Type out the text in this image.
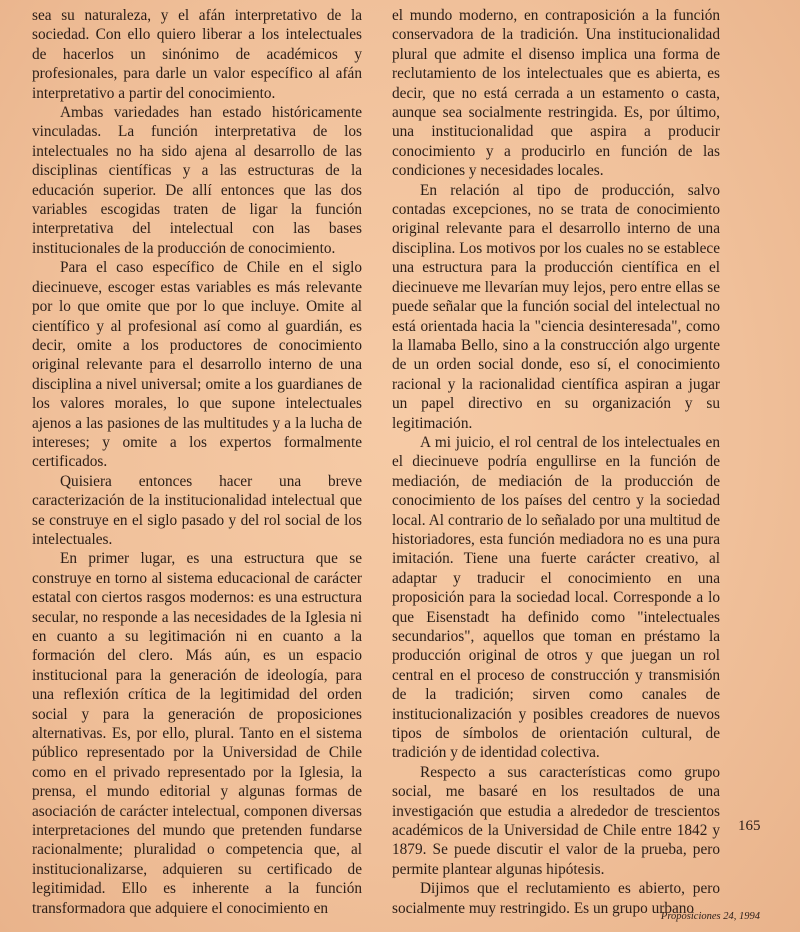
sea su naturaleza, y el afán interpretativo de la sociedad. Con ello quiero liberar a los intelectuales de hacerlos un sinónimo de académicos y profesionales, para darle un valor específico al afán interpretativo a partir del conocimiento.

Ambas variedades han estado históricamente vinculadas. La función interpretativa de los intelectuales no ha sido ajena al desarrollo de las disciplinas científicas y a las estructuras de la educación superior. De allí entonces que las dos variables escogidas traten de ligar la función interpretativa del intelectual con las bases institucionales de la producción de conocimiento.

Para el caso específico de Chile en el siglo diecinueve, escoger estas variables es más relevante por lo que omite que por lo que incluye. Omite al científico y al profesional así como al guardián, es decir, omite a los productores de conocimiento original relevante para el desarrollo interno de una disciplina a nivel universal; omite a los guardianes de los valores morales, lo que supone intelectuales ajenos a las pasiones de las multitudes y a la lucha de intereses; y omite a los expertos formalmente certificados.

Quisiera entonces hacer una breve caracterización de la institucionalidad intelectual que se construye en el siglo pasado y del rol social de los intelectuales.

En primer lugar, es una estructura que se construye en torno al sistema educacional de carácter estatal con ciertos rasgos modernos: es una estructura secular, no responde a las necesidades de la Iglesia ni en cuanto a su legitimación ni en cuanto a la formación del clero. Más aún, es un espacio institucional para la generación de ideología, para una reflexión crítica de la legitimidad del orden social y para la generación de proposiciones alternativas. Es, por ello, plural. Tanto en el sistema público representado por la Universidad de Chile como en el privado representado por la Iglesia, la prensa, el mundo editorial y algunas formas de asociación de carácter intelectual, componen diversas interpretaciones del mundo que pretenden fundarse racionalmente; pluralidad o competencia que, al institucionalizarse, adquieren su certificado de legitimidad. Ello es inherente a la función transformadora que adquiere el conocimiento en

el mundo moderno, en contraposición a la función conservadora de la tradición. Una institucionalidad plural que admite el disenso implica una forma de reclutamiento de los intelectuales que es abierta, es decir, que no está cerrada a un estamento o casta, aunque sea socialmente restringida. Es, por último, una institucionalidad que aspira a producir conocimiento y a producirlo en función de las condiciones y necesidades locales.

En relación al tipo de producción, salvo contadas excepciones, no se trata de conocimiento original relevante para el desarrollo interno de una disciplina. Los motivos por los cuales no se establece una estructura para la producción científica en el diecinueve me llevarían muy lejos, pero entre ellas se puede señalar que la función social del intelectual no está orientada hacia la "ciencia desinteresada", como la llamaba Bello, sino a la construcción algo urgente de un orden social donde, eso sí, el conocimiento racional y la racionalidad científica aspiran a jugar un papel directivo en su organización y su legitimación.

A mi juicio, el rol central de los intelectuales en el diecinueve podría engullirse en la función de mediación, de mediación de la producción de conocimiento de los países del centro y la sociedad local. Al contrario de lo señalado por una multitud de historiadores, esta función mediadora no es una pura imitación. Tiene una fuerte carácter creativo, al adaptar y traducir el conocimiento en una proposición para la sociedad local. Corresponde a lo que Eisenstadt ha definido como "intelectuales secundarios", aquellos que toman en préstamo la producción original de otros y que juegan un rol central en el proceso de construcción y transmisión de la tradición; sirven como canales de institucionalización y posibles creadores de nuevos tipos de símbolos de orientación cultural, de tradición y de identidad colectiva.

Respecto a sus características como grupo social, me basaré en los resultados de una investigación que estudia a alrededor de trescientos académicos de la Universidad de Chile entre 1842 y 1879. Se puede discutir el valor de la prueba, pero permite plantear algunas hipótesis.

Dijimos que el reclutamiento es abierto, pero socialmente muy restringido. Es un grupo urbano

165
Proposiciones 24, 1994
